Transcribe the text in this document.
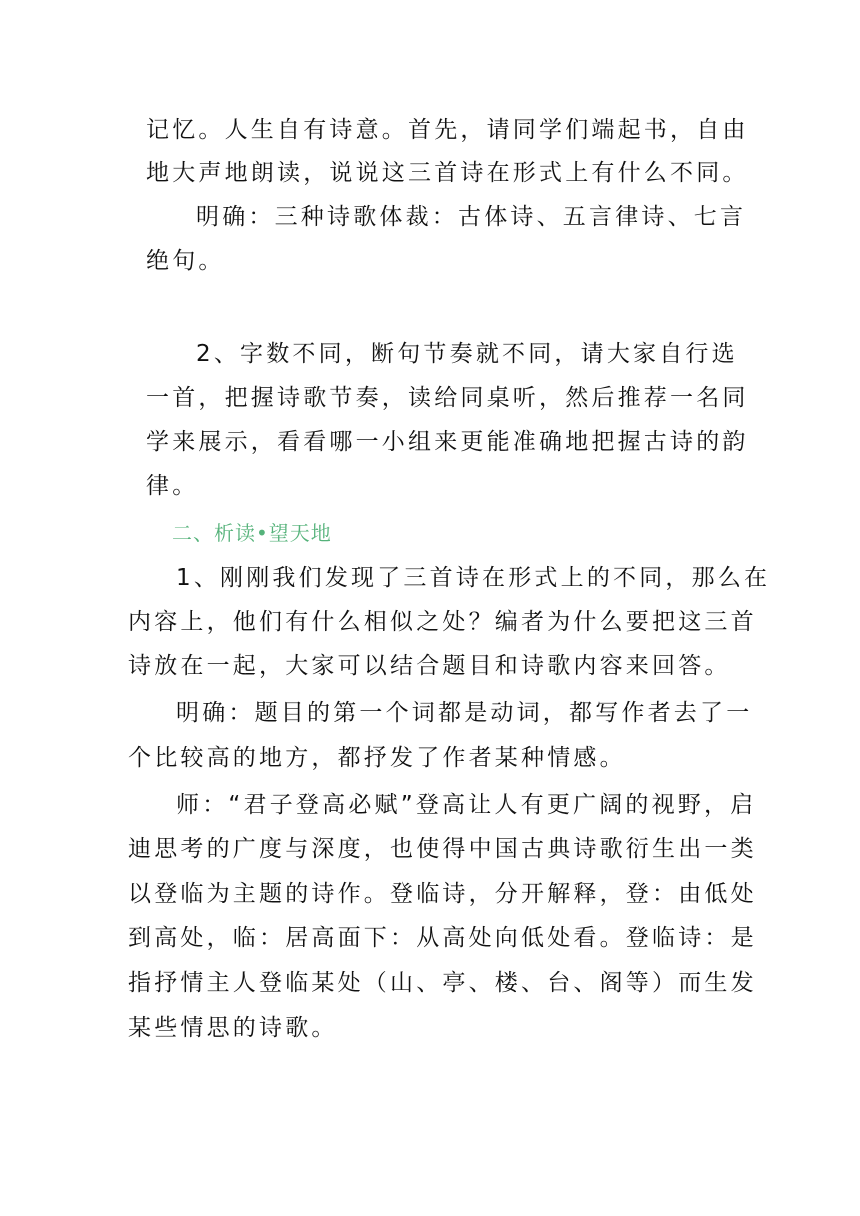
记忆。人生自有诗意。首先，请同学们端起书，自由

地大声地朗读，说说这三首诗在形式上有什么不同。

明确：三种诗歌体裁：古体诗、五言律诗、七言

绝句。

2、字数不同，断句节奏就不同，请大家自行选

一首，把握诗歌节奏，读给同桌听，然后推荐一名同

学来展示，看看哪一小组来更能准确地把握古诗的韵

律。

二、析读•望天地

1、刚刚我们发现了三首诗在形式上的不同，那么在

内容上，他们有什么相似之处？编者为什么要把这三首

诗放在一起，大家可以结合题目和诗歌内容来回答。

明确：题目的第一个词都是动词，都写作者去了一

个比较高的地方，都抒发了作者某种情感。

师：“君子登高必赋”登高让人有更广阔的视野，启

迪思考的广度与深度，也使得中国古典诗歌衍生出一类

以登临为主题的诗作。登临诗，分开解释，登：由低处

到高处，临：居高面下：从高处向低处看。登临诗：是

指抒情主人登临某处（山、亭、楼、台、阁等）而生发

某些情思的诗歌。
